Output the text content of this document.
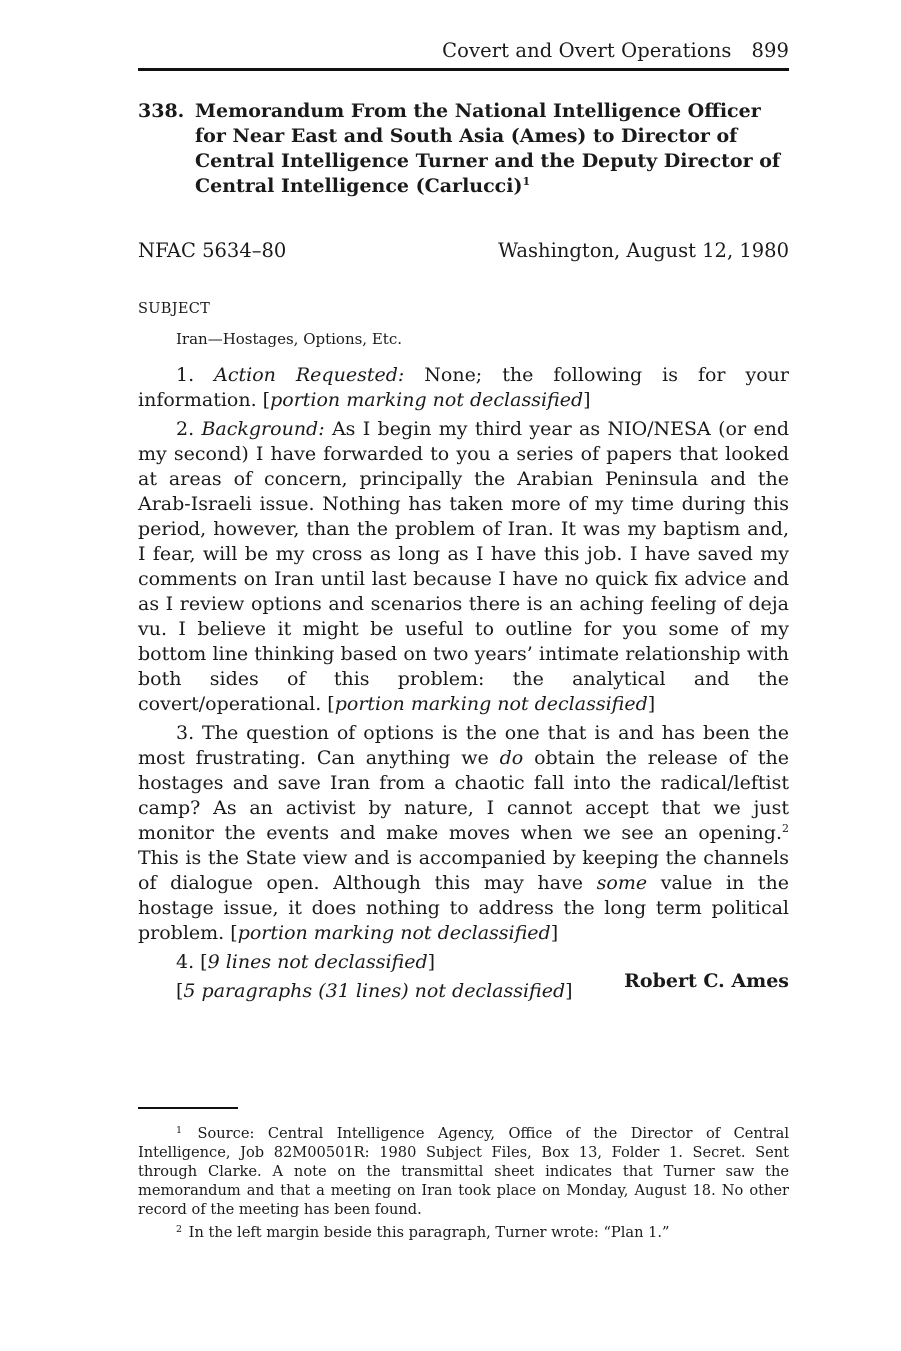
Covert and Overt Operations 899
338. Memorandum From the National Intelligence Officer for Near East and South Asia (Ames) to Director of Central Intelligence Turner and the Deputy Director of Central Intelligence (Carlucci)$^1$
NFAC 5634–80	Washington, August 12, 1980
SUBJECT
Iran—Hostages, Options, Etc.

1. Action Requested: None; the following is for your information. [portion marking not declassified]

2. Background: As I begin my third year as NIO/NESA (or end my second) I have forwarded to you a series of papers that looked at areas of concern, principally the Arabian Peninsula and the Arab-Israeli issue. Nothing has taken more of my time during this period, however, than the problem of Iran. It was my baptism and, I fear, will be my cross as long as I have this job. I have saved my comments on Iran until last because I have no quick fix advice and as I review options and scenarios there is an aching feeling of deja vu. I believe it might be useful to outline for you some of my bottom line thinking based on two years’ intimate relationship with both sides of this problem: the analytical and the covert/operational. [portion marking not declassified]

3. The question of options is the one that is and has been the most frustrating. Can anything we do obtain the release of the hostages and save Iran from a chaotic fall into the radical/leftist camp? As an activist by nature, I cannot accept that we just monitor the events and make moves when we see an opening.$^2$ This is the State view and is accompanied by keeping the channels of dialogue open. Although this may have some value in the hostage issue, it does nothing to address the long term political problem. [portion marking not declassified]

4. [9 lines not declassified]

[5 paragraphs (31 lines) not declassified]	Robert C. Ames

$^1$ Source: Central Intelligence Agency, Office of the Director of Central Intelligence, Job 82M00501R: 1980 Subject Files, Box 13, Folder 1. Secret. Sent through Clarke. A note on the transmittal sheet indicates that Turner saw the memorandum and that a meeting on Iran took place on Monday, August 18. No other record of the meeting has been found.

$^2$ In the left margin beside this paragraph, Turner wrote: “Plan 1.”
